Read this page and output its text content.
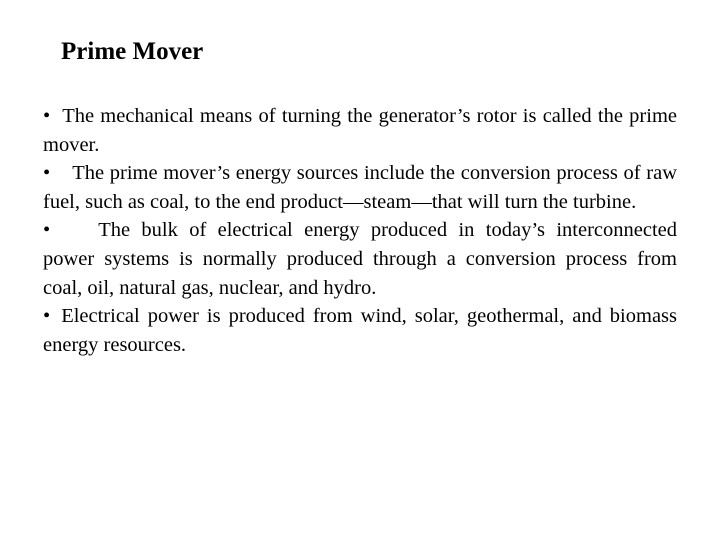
Prime Mover

• The mechanical means of turning the generator’s rotor is called the prime mover.

• The prime mover’s energy sources include the conversion process of raw fuel, such as coal, to the end product—steam—that will turn the turbine.

• The bulk of electrical energy produced in today’s interconnected power systems is normally produced through a conversion process from coal, oil, natural gas, nuclear, and hydro.

• Electrical power is produced from wind, solar, geothermal, and biomass energy resources.
